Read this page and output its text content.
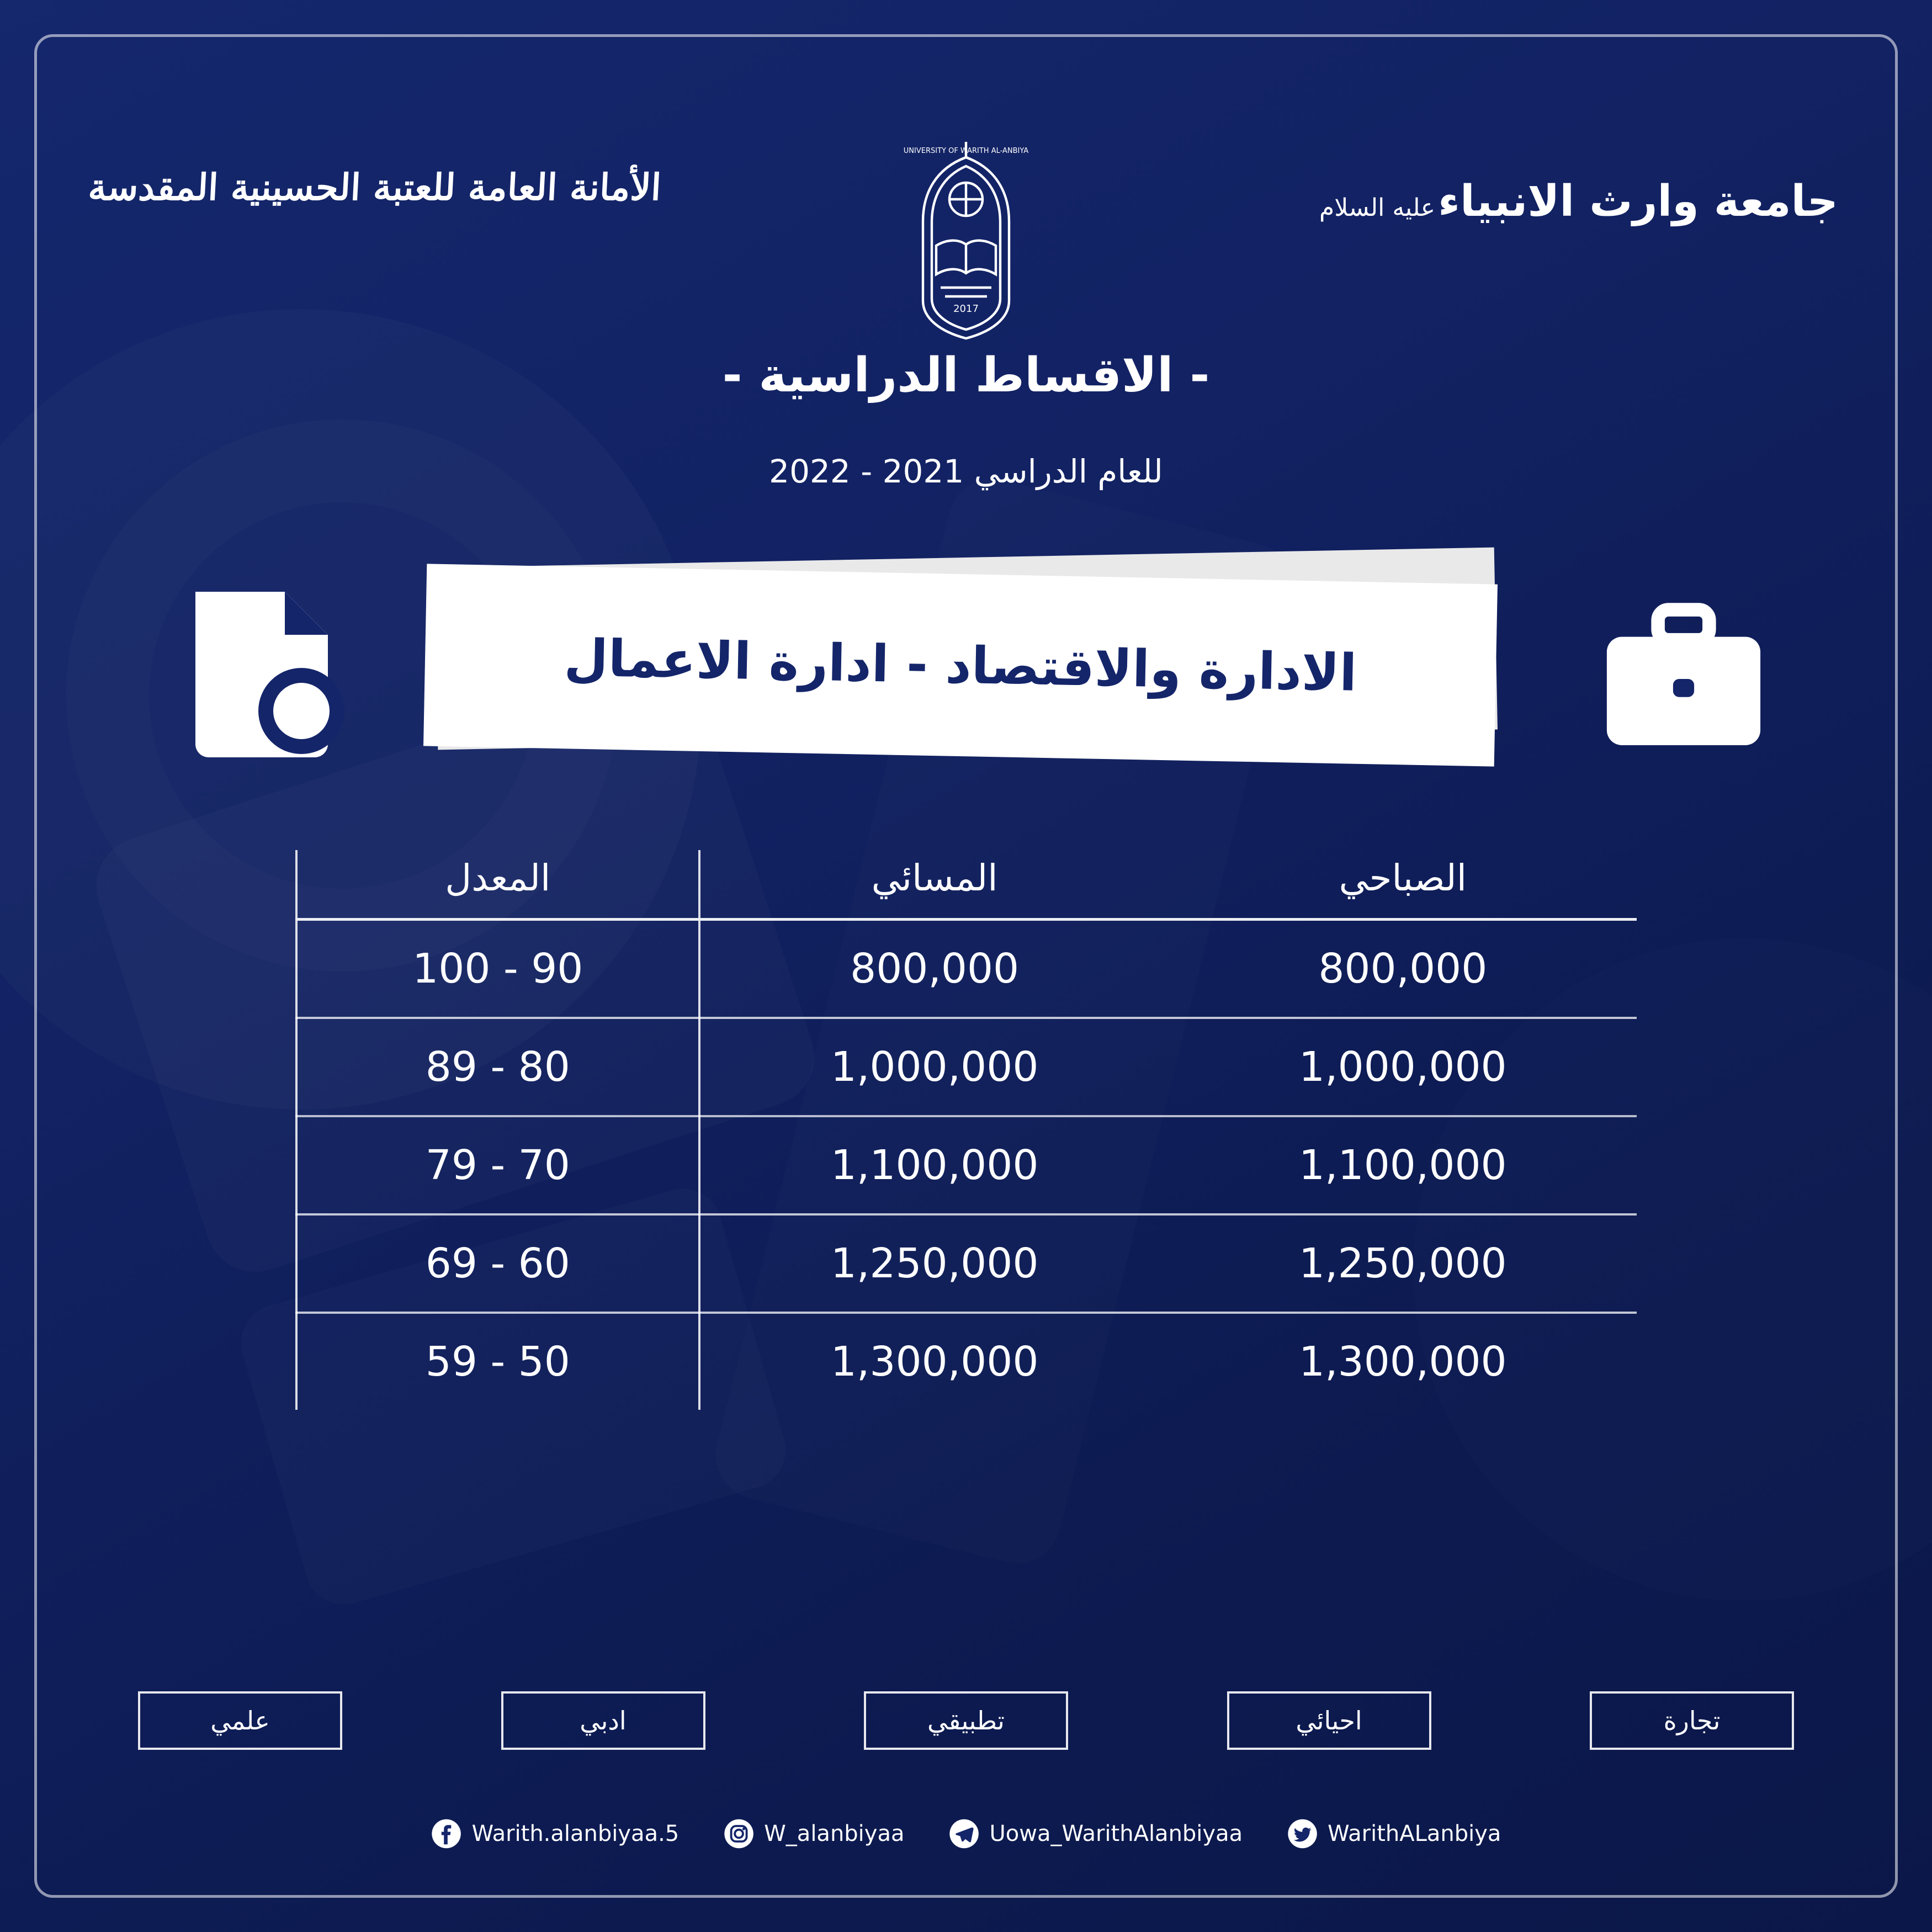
جامعة وارث الانبياء عليه السلام
2017
UNIVERSITY OF WARITH AL-ANBIYA
الأمانة العامة للعتبة الحسينية المقدسة
- الاقساط الدراسية -
للعام الدراسي 2021 - 2022
الادارة والاقتصاد - ادارة الاعمال
الصباحي	المسائي	المعدل
800,000	800,000	90 - 100
1,000,000	1,000,000	80 - 89
1,100,000	1,100,000	70 - 79
1,250,000	1,250,000	60 - 69
1,300,000	1,300,000	50 - 59
علمي	ادبي	تطبيقي	احيائي	تجارة
Warith.alanbiyaa.5	W_alanbiyaa	Uowa_WarithAlanbiyaa	WarithALanbiya
